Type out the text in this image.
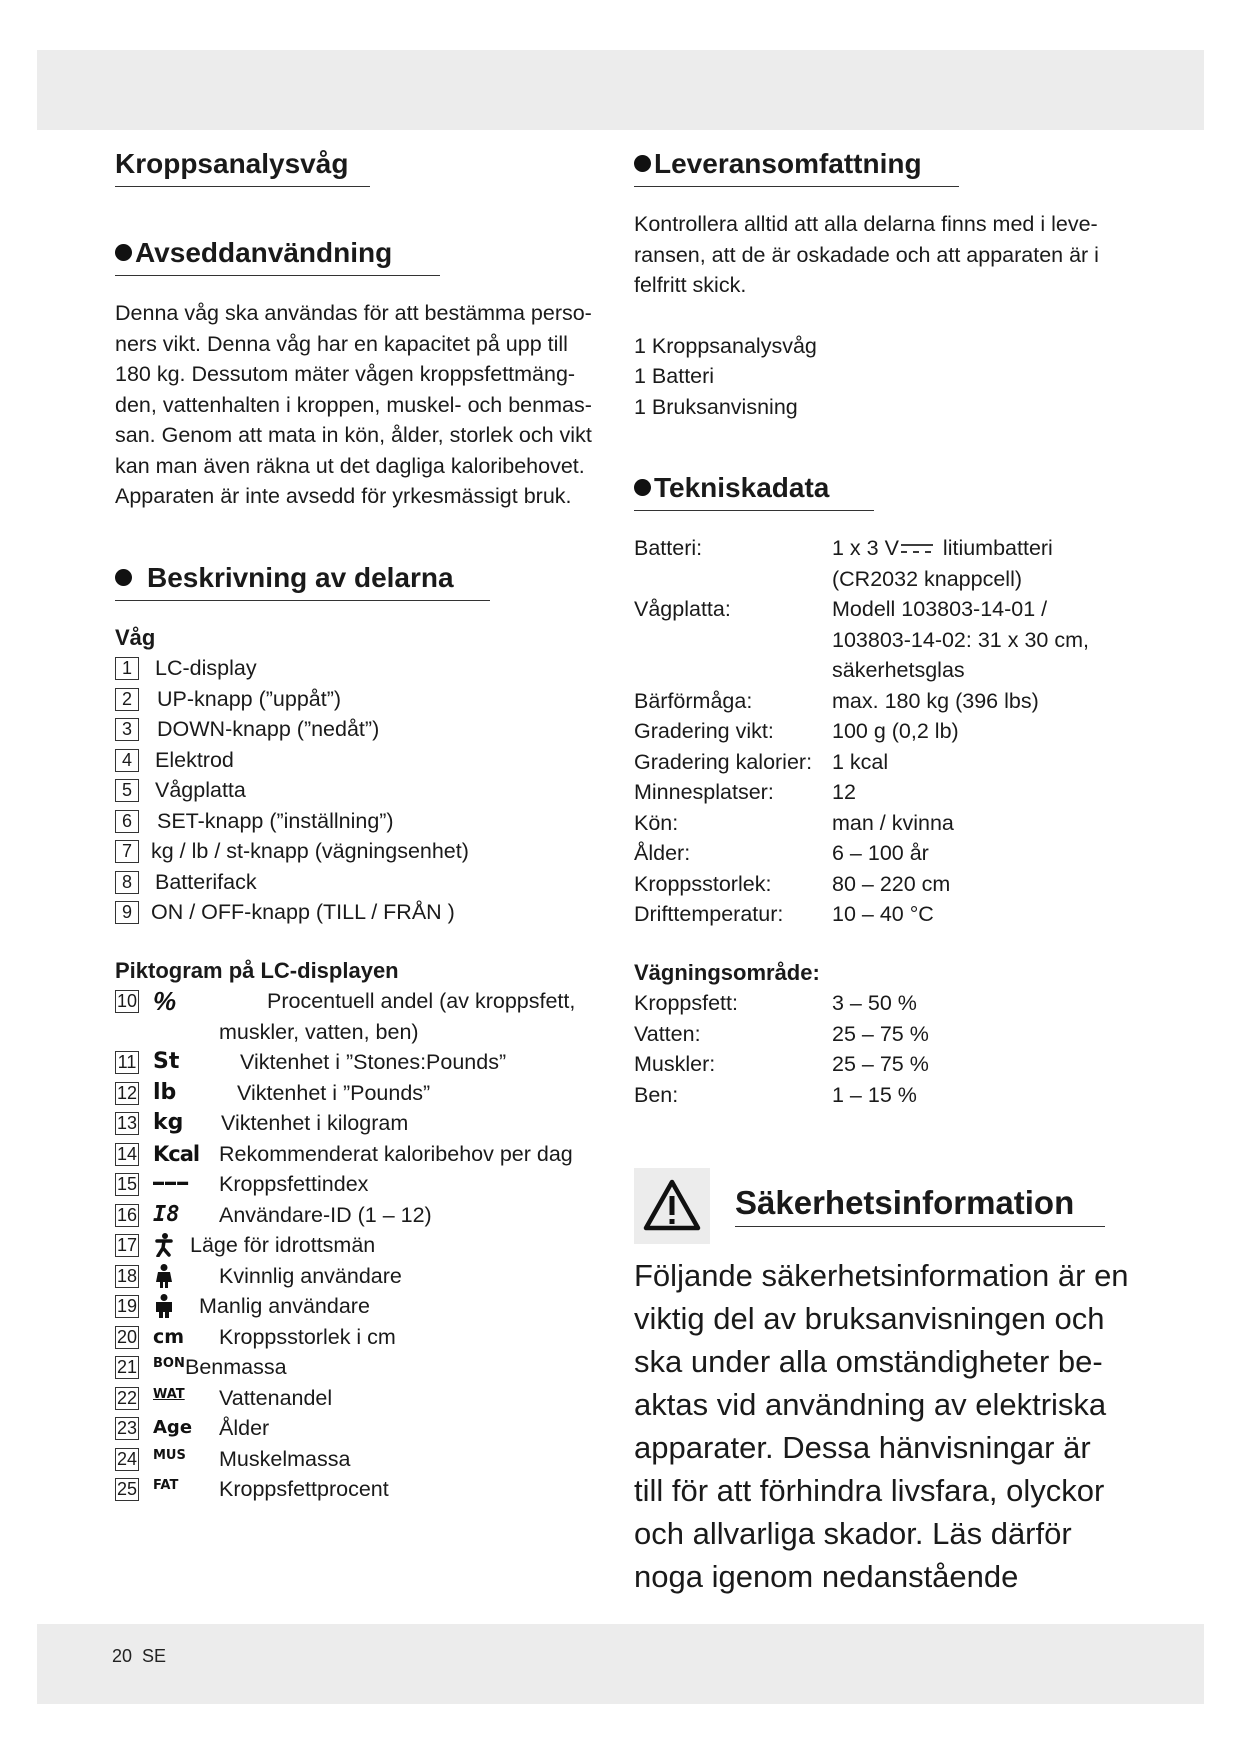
Kroppsanalysvåg
Avseddanvändning
Denna våg ska användas för att bestämma perso-
ners vikt. Denna våg har en kapacitet på upp till
180 kg. Dessutom mäter vågen kroppsfettmäng-
den, vattenhalten i kroppen, muskel- och benmas-
san. Genom att mata in kön, ålder, storlek och vikt
kan man även räkna ut det dagliga kaloribehovet.
Apparaten är inte avsedd för yrkesmässigt bruk.
Beskrivning av delarna
Våg
1	LC-display
2	UP-knapp (”uppåt”)
3	DOWN-knapp (”nedåt”)
4	Elektrod
5	Vågplatta
6	SET-knapp (”inställning”)
7 kg / lb / st-knapp (vägningsenhet)
8	Batterifack
9 ON / OFF-knapp (TILL / FRÅN )
Piktogram på LC-displayen
10 %	Procentuell andel (av kroppsfett,
muskler, vatten, ben)
11 St	Viktenhet i ”Stones:Pounds”
12 lb	Viktenhet i ”Pounds”
13 kg Viktenhet i kilogram
14 Kcal Rekommenderat kaloribehov per dag
15 ▬ ▬ ▬ Kroppsfettindex
16 I8 Användare-ID (1 – 12)
17 Läge för idrottsmän
18	Kvinnlig användare
19	Manlig användare
20 cm Kroppsstorlek i cm
21 BON Benmassa
22 WAT Vattenandel
23 Age Ålder
24 MUS Muskelmassa
25 FAT Kroppsfettprocent
Leveransomfattning
Kontrollera alltid att alla delarna finns med i leve-
ransen, att de är oskadade och att apparaten är i
felfritt skick.
1 Kroppsanalysvåg
1 Batteri
1 Bruksanvisning
Tekniskadata
Batteri:	1 x 3 V litiumbatteri
(CR2032 knappcell)
Vågplatta:	Modell 103803-14-01 /
103803-14-02: 31 x 30 cm,
säkerhetsglas
Bärförmåga:	max. 180 kg (396 lbs)
Gradering vikt:	100 g (0,2 lb)
Gradering kalorier: 1 kcal
Minnesplatser:	12
Kön:	man / kvinna
Ålder:	6 – 100 år
Kroppsstorlek:	80 – 220 cm
Drifttemperatur: 10 – 40 °C
Vägningsområde:
Kroppsfett:	3 – 50 %
Vatten:	25 – 75 %
Muskler:	25 – 75 %
Ben:	1 – 15 %
Säkerhetsinformation
Följande säkerhetsinformation är en
viktig del av bruksanvisningen och
ska under alla omständigheter be-
aktas vid användning av elektriska
apparater. Dessa hänvisningar är
till för att förhindra livsfara, olyckor
och allvarliga skador. Läs därför
noga igenom nedanstående
20 SE
